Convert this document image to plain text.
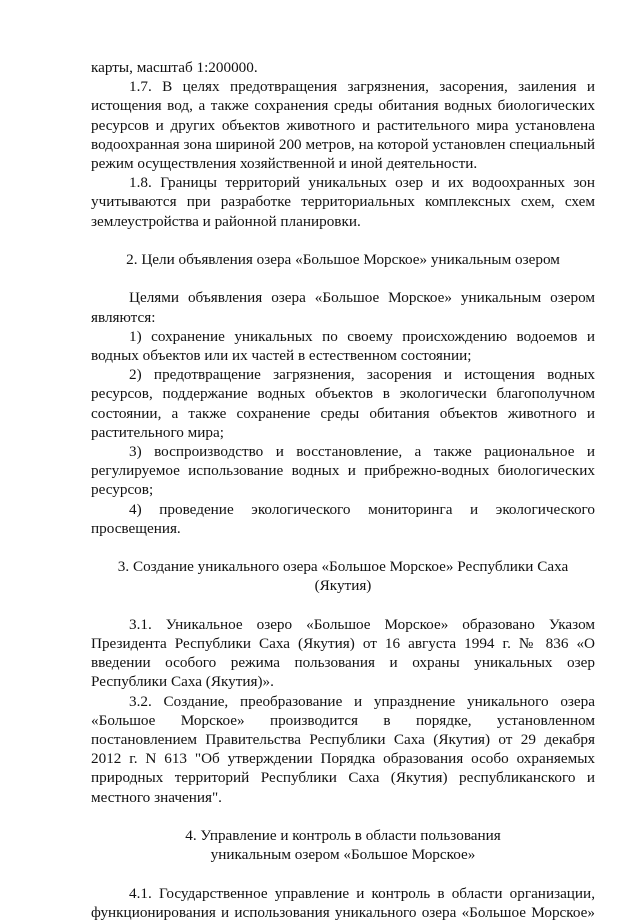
карты, масштаб 1:200000.

1.7. В целях предотвращения загрязнения, засорения, заиления и истощения вод, а также сохранения среды обитания водных биологических ресурсов и других объектов животного и растительного мира установлена водоохранная зона шириной 200 метров, на которой установлен специальный режим осуществления хозяйственной и иной деятельности.

1.8. Границы территорий уникальных озер и их водоохранных зон учитываются при разработке территориальных комплексных схем, схем землеустройства и районной планировки.

2. Цели объявления озера «Большое Морское» уникальным озером

Целями объявления озера «Большое Морское» уникальным озером являются:

1) сохранение уникальных по своему происхождению водоемов и водных объектов или их частей в естественном состоянии;

2) предотвращение загрязнения, засорения и истощения водных ресурсов, поддержание водных объектов в экологически благополучном состоянии, а также сохранение среды обитания объектов животного и растительного мира;

3) воспроизводство и восстановление, а также рациональное и регулируемое использование водных и прибрежно-водных биологических ресурсов;

4) проведение экологического мониторинга и экологического просвещения.

3. Создание уникального озера «Большое Морское» Республики Саха

(Якутия)

3.1. Уникальное озеро «Большое Морское» образовано Указом Президента Республики Саха (Якутия) от 16 августа 1994 г. № 836 «О введении особого режима пользования и охраны уникальных озер Республики Саха (Якутия)».

3.2. Создание, преобразование и упразднение уникального озера «Большое Морское» производится в порядке, установленном постановлением Правительства Республики Саха (Якутия) от 29 декабря 2012 г. N 613 "Об утверждении Порядка образования особо охраняемых природных территорий Республики Саха (Якутия) республиканского и местного значения".

4. Управление и контроль в области пользования

уникальным озером «Большое Морское»

4.1. Государственное управление и контроль в области организации, функционирования и использования уникального озера «Большое Морское»
